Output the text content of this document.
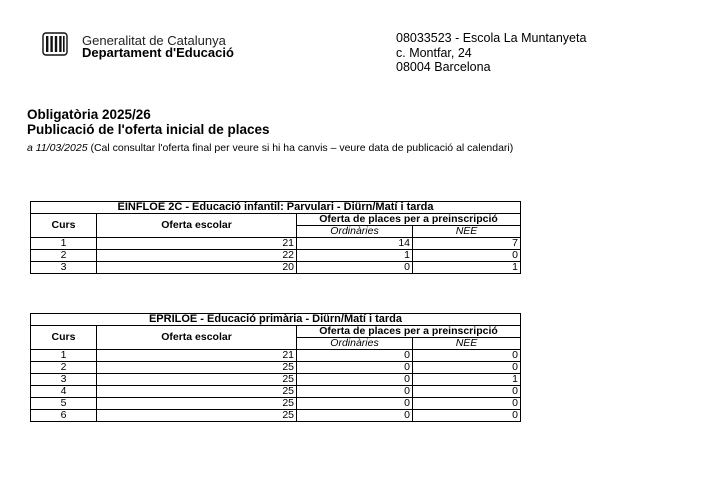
Generalitat de Catalunya
Departament d'Educació
08033523 - Escola La Muntanyeta
c. Montfar, 24
08004 Barcelona
Obligatòria 2025/26
Publicació de l'oferta inicial de places
a 11/03/2025 (Cal consultar l'oferta final per veure si hi ha canvis – veure data de publicació al calendari)
EINFLOE 2C - Educació infantil: Parvulari - Diürn/Matí i tarda			
Curs	Oferta escolar	Oferta de places per a preinscripció	
		Ordinàries	NEE
1	21	14	7
2	22	1	0
3	20	0	1
EPRILOE - Educació primària - Diürn/Matí i tarda			
Curs	Oferta escolar	Oferta de places per a preinscripció	
		Ordinàries	NEE
1	21	0	0
2	25	0	0
3	25	0	1
4	25	0	0
5	25	0	0
6	25	0	0
